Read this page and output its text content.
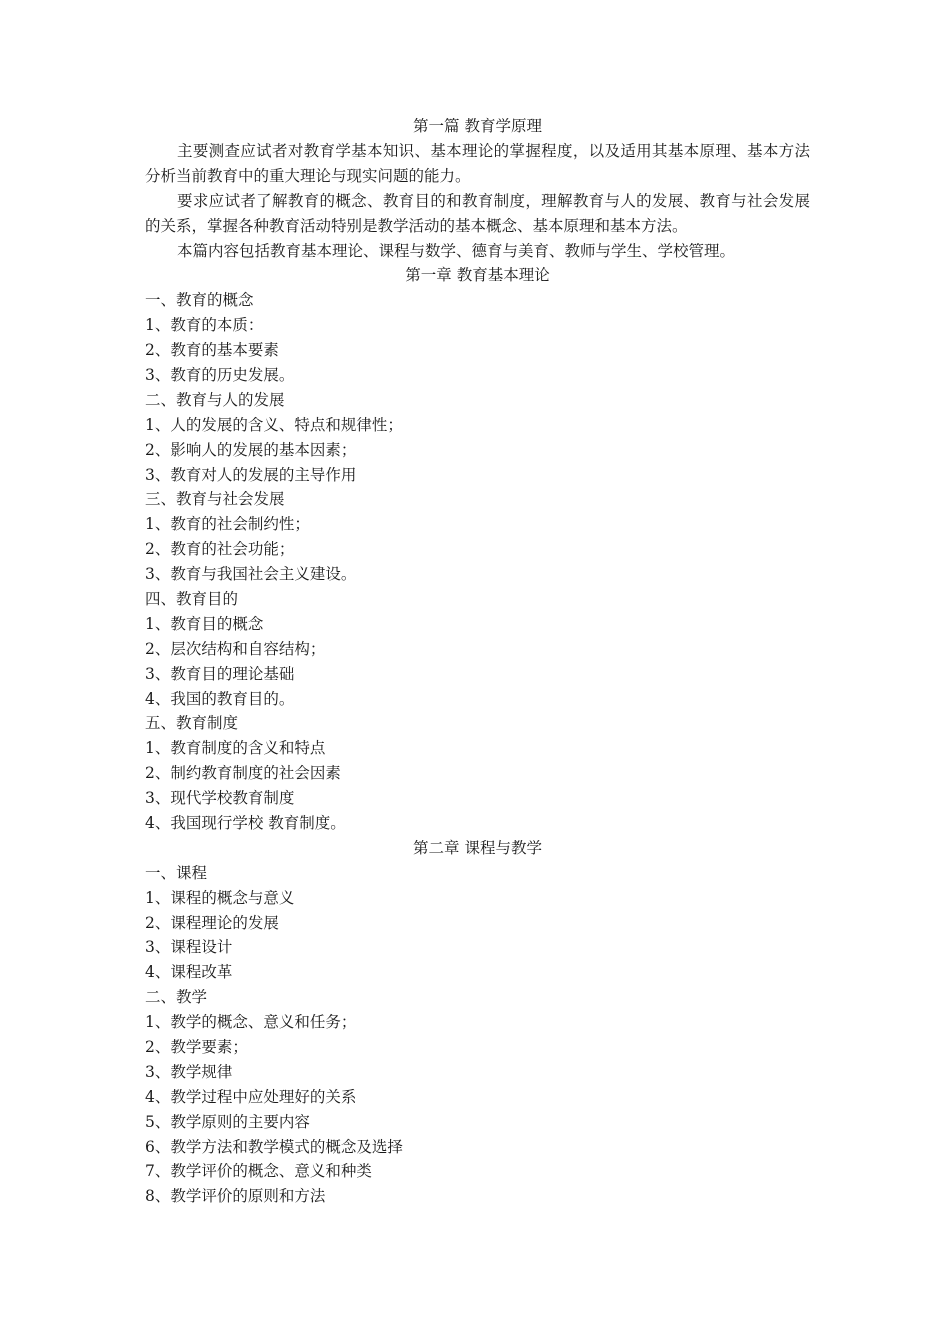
第一篇 教育学原理
主要测查应试者对教育学基本知识、基本理论的掌握程度，以及适用其基本原理、基本方法分析当前教育中的重大理论与现实问题的能力。
要求应试者了解教育的概念、教育目的和教育制度，理解教育与人的发展、教育与社会发展的关系，掌握各种教育活动特别是教学活动的基本概念、基本原理和基本方法。
本篇内容包括教育基本理论、课程与数学、德育与美育、教师与学生、学校管理。
第一章 教育基本理论
一、教育的概念
1、教育的本质：
2、教育的基本要素
3、教育的历史发展。
二、教育与人的发展
1、人的发展的含义、特点和规律性；
2、影响人的发展的基本因素；
3、教育对人的发展的主导作用
三、教育与社会发展
1、教育的社会制约性；
2、教育的社会功能；
3、教育与我国社会主义建设。
四、教育目的
1、教育目的概念
2、层次结构和自容结构；
3、教育目的理论基础
4、我国的教育目的。
五、教育制度
1、教育制度的含义和特点
2、制约教育制度的社会因素
3、现代学校教育制度
4、我国现行学校 教育制度。
第二章 课程与教学
一、课程
1、课程的概念与意义
2、课程理论的发展
3、课程设计
4、课程改革
二、教学
1、教学的概念、意义和任务；
2、教学要素；
3、教学规律
4、教学过程中应处理好的关系
5、教学原则的主要内容
6、教学方法和教学模式的概念及选择
7、教学评价的概念、意义和种类
8、教学评价的原则和方法
